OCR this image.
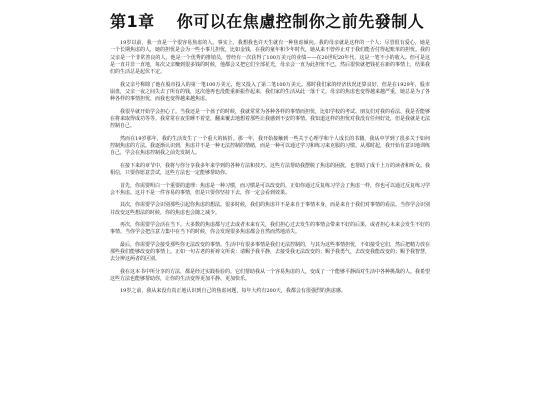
第1章 你可以在焦慮控制你之前先發制人

19岁以前，我一直是一个很容易焦虑的人。事实上，我想我也许天生就有一种焦虑倾向。我的母亲就是这样的一个人：尽管很有爱心，她是一个长期焦虑的人，她的担忧是会为一些小事儿担忧，比如金钱，在我的童年和少年时代，她从来不曾停止对于我们能否付得起账单的担忧。我的父亲是一个非常善良的人，他是一个优秀的推销员，曾经有一次获得了100万美元的业绩——在20世纪20年代，这是一笔不小的收入。但可是这是一直并非一直地，每次父亲赚到很多钱的时候，他都会又把它们全部花光，母亲会一直为此担忧不已，然后很快就把钱花在新的事情上，结果我们的生活总是起伏不定。

我父亲号称除了他在股市投入的第一笔100万美元，他又投入了第二笔100万美元。那时我们家的经济状况还算良好，但是在1929年，股市崩盘，父亲一夜之间失去了所有的钱，这次他再也没能重新振作起来，我们家的生活从此一落千丈。母亲的焦虑也变得越来越严重，她总是为了各种各样的事情担忧，而我也变得越来越焦虑。

我很早就开始学会担心了。当我还是一个孩子的时候，我就常常为各种各样的事情而担忧，比如学校的考试、朋友们对我的看法、我是否能够在将来取得成功等等。我常常在夜里睡不着觉，翻来覆去地想着那些让我感到不安的事情。我知道这样的担忧对我没有任何好处，但是我就是无法控制自己。

然而在19岁那年，我的生活发生了一个重大的转折。那一年，我开始接触到一些关于心理学和个人成长的书籍，我从中学到了很多关于如何控制焦虑的方法。我逐渐认识到，焦虑并不是一种无法控制的情绪，而是一种可以通过学习和练习来克服的习惯。从那时起，我开始有意识地训练自己，学会在焦虑控制我之前先发制人。

在接下来的章节中，我将与你分享我多年来学到的各种方法和技巧。这些方法帮助我摆脱了焦虑的困扰，也帮助了成千上万的读者和听众。我相信，只要你愿意尝试，这些方法也一定能够帮助你。

首先，你需要明白一个重要的道理：焦虑是一种习惯，而习惯是可以改变的。正如你通过反复练习学会了焦虑一样，你也可以通过反复练习学会不焦虑。这并不是一件容易的事情，但是只要你坚持下去，你一定会看到效果。

其次，你需要学会识别那些引起你焦虑的想法。很多时候，我们的焦虑并不是来自于事情本身，而是来自于我们对事情的看法。当你学会识别并改变这些想法的时候，你的焦虑也会随之减少。

再次，你需要学会活在当下。大多数的焦虑都与过去或者未来有关，我们担心过去发生的事情会带来不好的后果，或者担心未来会发生不好的事情。当你学会把注意力集中在当下的时候，你会发现很多焦虑都会自然而然地消失。

最后，你需要学会接受那些你无法改变的事情。生活中有很多事情是我们无法控制的，与其为这些事情担忧，不如接受它们，然后把精力放在那些我们能够改变的事情上。正如一句古老的祈祷文所说：请赐予我平静，去接受我无法改变的；赐予我勇气，去改变我能改变的；赐予我智慧，去分辨这两者的区别。

我在这本书中所分享的方法，都是经过实践检验的。它们帮助我从一个容易焦虑的人，变成了一个能够平静面对生活中各种挑战的人。我希望这些方法也能够帮助你，让你的生活变得更加平静、更加快乐。

19岁之前，我从来没有真正地认识到自己的焦虑问题，每年大约有200天，我都会有很强烈的焦虑感。
